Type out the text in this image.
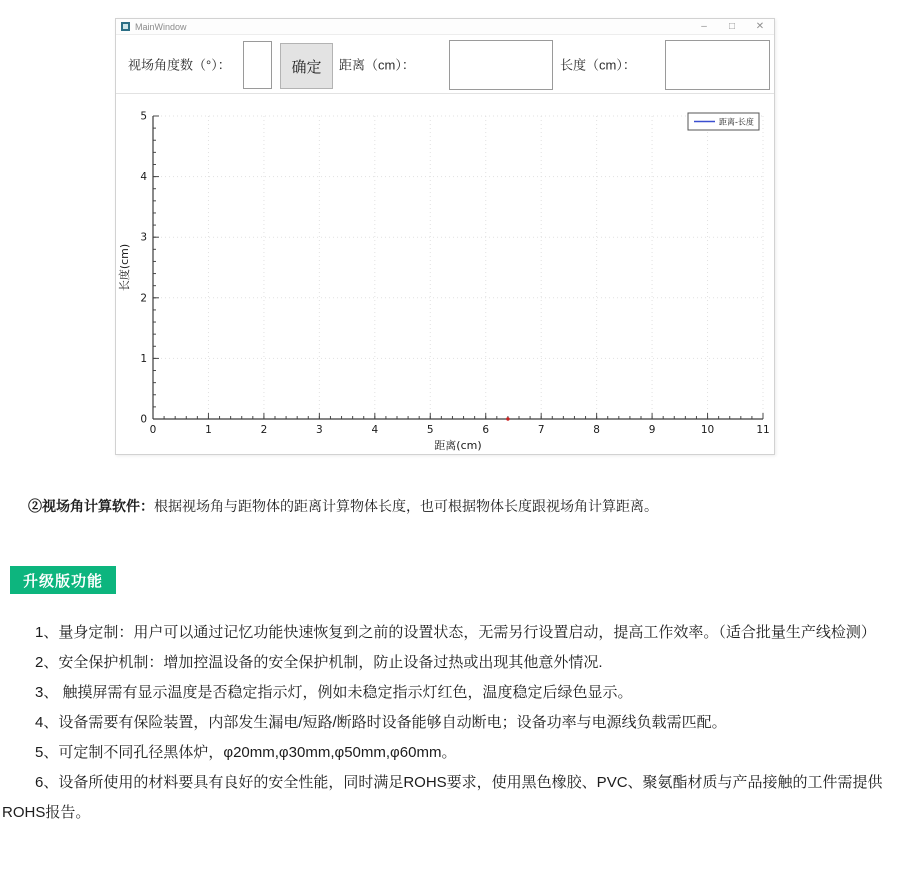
MainWindow	–	□	✕
视场角度数（°）：	确定	距离（cm）：	长度（cm）：
0	1	2	3	4	5	6	7	8	9	10	11
0
1
2
3
4
5
距离(cm)
长度(cm)
距离-长度

②视场角计算软件：根据视场角与距物体的距离计算物体长度，也可根据物体长度跟视场角计算距离。

升级版功能

1、量身定制：用户可以通过记忆功能快速恢复到之前的设置状态，无需另行设置启动，提高工作效率。（适合批量生产线检测）

2、安全保护机制：增加控温设备的安全保护机制，防止设备过热或出现其他意外情况.

3、 触摸屏需有显示温度是否稳定指示灯，例如未稳定指示灯红色，温度稳定后绿色显示。

4、设备需要有保险装置，内部发生漏电/短路/断路时设备能够自动断电；设备功率与电源线负载需匹配。

5、可定制不同孔径黑体炉，φ20mm,φ30mm,φ50mm,φ60mm。

6、设备所使用的材料要具有良好的安全性能，同时满足ROHS要求，使用黑色橡胶、PVC、聚氨酯材质与产品接触的工件需提供ROHS报告。
